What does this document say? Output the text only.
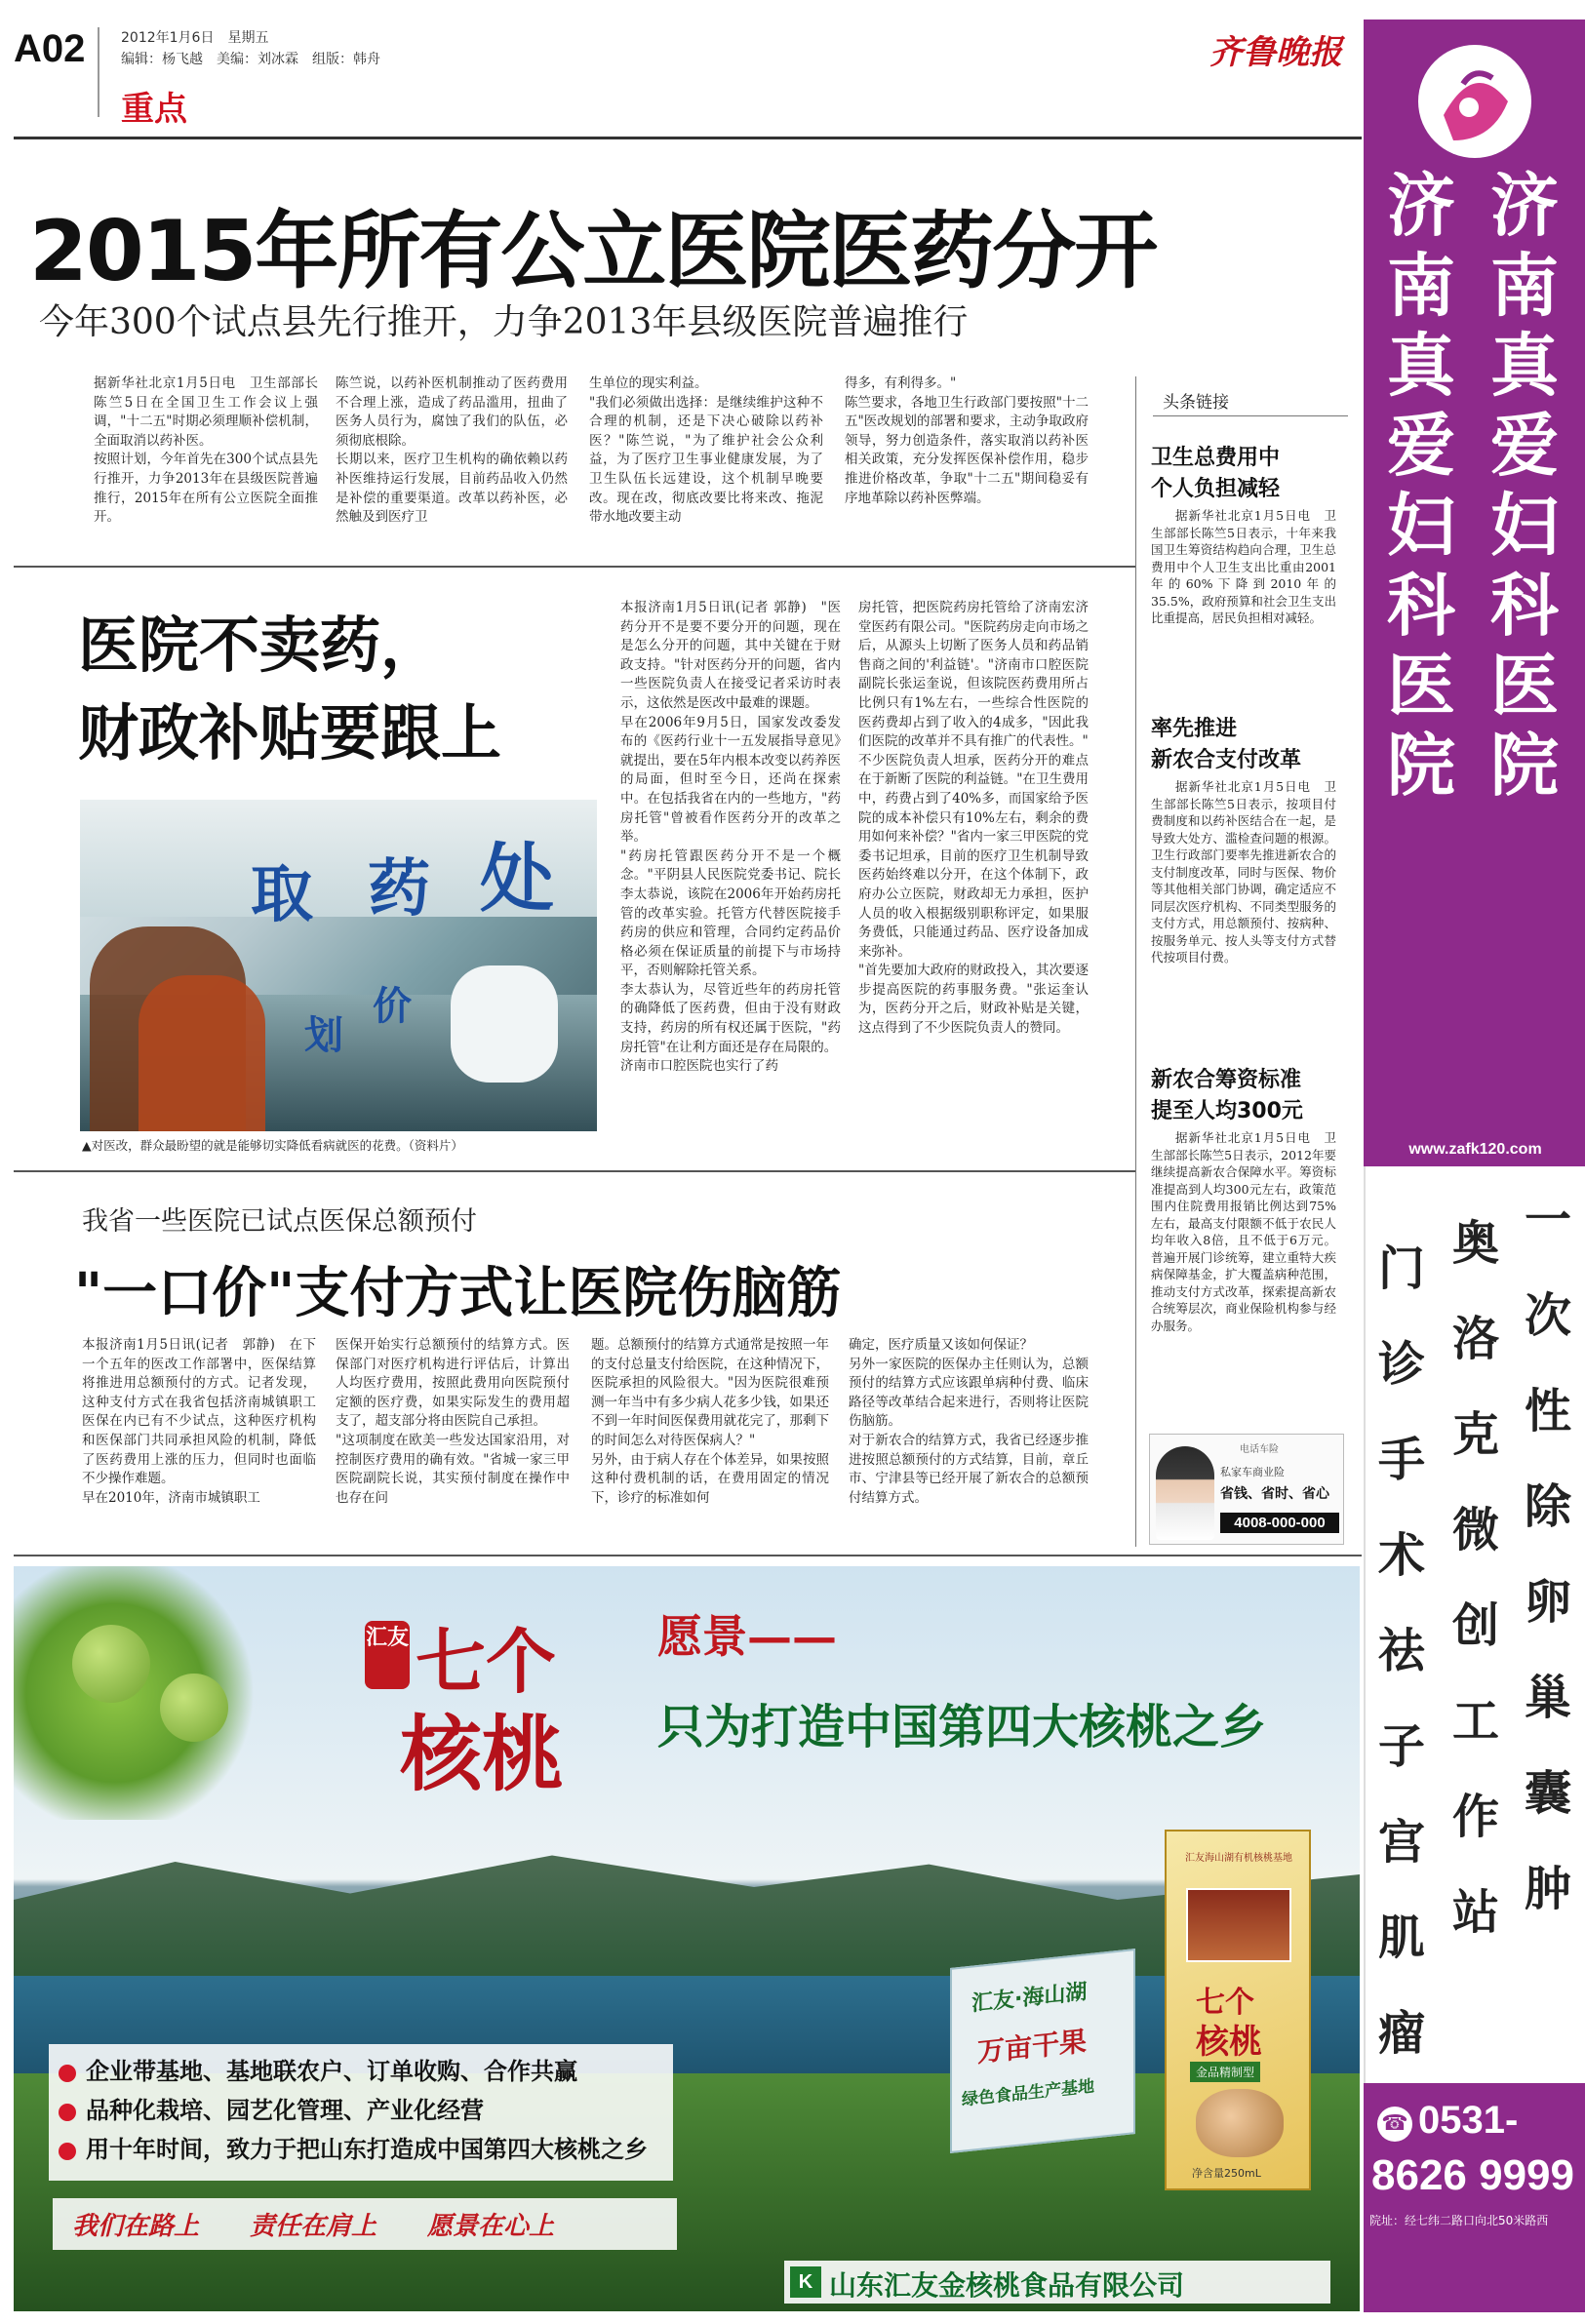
A02	2012年1月6日　星期五
编辑：杨飞越　美编：刘冰霖　组版：韩舟
重点
齐鲁晚报
2015年所有公立医院医药分开
今年300个试点县先行推开，力争2013年县级医院普遍推行
据新华社北京1月5日电　卫生部部长陈竺5日在全国卫生工作会议上强调，"十二五"时期必须理顺补偿机制，全面取消以药补医。
按照计划，今年首先在300个试点县先行推开，力争2013年在县级医院普遍推行，2015年在所有公立医院全面推开。
陈竺说，以药补医机制推动了医药费用不合理上涨，造成了药品滥用，扭曲了医务人员行为，腐蚀了我们的队伍，必须彻底根除。
长期以来，医疗卫生机构的确依赖以药补医维持运行发展，目前药品收入仍然是补偿的重要渠道。改革以药补医，必然触及到医疗卫
生单位的现实利益。
"我们必须做出选择：是继续维护这种不合理的机制，还是下决心破除以药补医？"陈竺说，"为了维护社会公众利益，为了医疗卫生事业健康发展，为了卫生队伍长远建设，这个机制早晚要改。现在改，彻底改要比将来改、拖泥带水地改要主动
得多，有利得多。"
陈竺要求，各地卫生行政部门要按照"十二五"医改规划的部署和要求，主动争取政府领导，努力创造条件，落实取消以药补医相关政策，充分发挥医保补偿作用，稳步推进价格改革，争取"十二五"期间稳妥有序地革除以药补医弊端。
医院不卖药，
财政补贴要跟上
取 药 处
划
价
▲对医改，群众最盼望的就是能够切实降低看病就医的花费。（资料片）
本报济南1月5日讯(记者 郭静)　"医药分开不是要不要分开的问题，现在是怎么分开的问题，其中关键在于财政支持。"针对医药分开的问题，省内一些医院负责人在接受记者采访时表示，这依然是医改中最难的课题。
早在2006年9月5日，国家发改委发布的《医药行业十一五发展指导意见》就提出，要在5年内根本改变以药养医的局面，但时至今日，还尚在探索中。在包括我省在内的一些地方，"药房托管"曾被看作医药分开的改革之举。
"药房托管跟医药分开不是一个概念。"平阴县人民医院党委书记、院长李太恭说，该院在2006年开始药房托管的改革实验。托管方代替医院接手药房的供应和管理，合同约定药品价格必须在保证质量的前提下与市场持平，否则解除托管关系。
李太恭认为，尽管近些年的药房托管的确降低了医药费，但由于没有财政支持，药房的所有权还属于医院，"药房托管"在让利方面还是存在局限的。
济南市口腔医院也实行了药
房托管，把医院药房托管给了济南宏济堂医药有限公司。"医院药房走向市场之后，从源头上切断了医务人员和药品销售商之间的'利益链'。"济南市口腔医院副院长张运奎说，但该院医药费用所占比例只有1%左右，一些综合性医院的医药费却占到了收入的4成多，"因此我们医院的改革并不具有推广的代表性。"
不少医院负责人坦承，医药分开的难点在于新断了医院的利益链。"在卫生费用中，药费占到了40%多，而国家给予医院的成本补偿只有10%左右，剩余的费用如何来补偿？"省内一家三甲医院的党委书记坦承，目前的医疗卫生机制导致医药始终难以分开，在这个体制下，政府办公立医院，财政却无力承担，医护人员的收入根据级别职称评定，如果服务费低，只能通过药品、医疗设备加成来弥补。
"首先要加大政府的财政投入，其次要逐步提高医院的药事服务费。"张运奎认为，医药分开之后，财政补贴是关键，这点得到了不少医院负责人的赞同。
我省一些医院已试点医保总额预付
"一口价"支付方式让医院伤脑筋
本报济南1月5日讯(记者　郭静)　在下一个五年的医改工作部署中，医保结算将推进用总额预付的方式。记者发现，这种支付方式在我省包括济南城镇职工医保在内已有不少试点，这种医疗机构和医保部门共同承担风险的机制，降低了医药费用上涨的压力，但同时也面临不少操作难题。
早在2010年，济南市城镇职工
医保开始实行总额预付的结算方式。医保部门对医疗机构进行评估后，计算出人均医疗费用，按照此费用向医院预付定额的医疗费，如果实际发生的费用超支了，超支部分将由医院自己承担。
"这项制度在欧美一些发达国家沿用，对控制医疗费用的确有效。"省城一家三甲医院副院长说，其实预付制度在操作中也存在问
题。总额预付的结算方式通常是按照一年的支付总量支付给医院，在这种情况下，医院承担的风险很大。"因为医院很难预测一年当中有多少病人花多少钱，如果还不到一年时间医保费用就花完了，那剩下的时间怎么对待医保病人？"
另外，由于病人存在个体差异，如果按照这种付费机制的话，在费用固定的情况下，诊疗的标准如何
确定，医疗质量又该如何保证？
另外一家医院的医保办主任则认为，总额预付的结算方式应该跟单病种付费、临床路径等改革结合起来进行，否则将让医院伤脑筋。
对于新农合的结算方式，我省已经逐步推进按照总额预付的方式结算，目前，章丘市、宁津县等已经开展了新农合的总额预付结算方式。
头条链接
卫生总费用中
个人负担减轻
据新华社北京1月5日电　卫生部部长陈竺5日表示，十年来我国卫生筹资结构趋向合理，卫生总费用中个人卫生支出比重由2001年的60%下降到2010年的35.5%，政府预算和社会卫生支出比重提高，居民负担相对减轻。
率先推进
新农合支付改革
据新华社北京1月5日电　卫生部部长陈竺5日表示，按项目付费制度和以药补医结合在一起，是导致大处方、滥检查问题的根源。卫生行政部门要率先推进新农合的支付制度改革，同时与医保、物价等其他相关部门协调，确定适应不同层次医疗机构、不同类型服务的支付方式，用总额预付、按病种、按服务单元、按人头等支付方式替代按项目付费。
新农合筹资标准
提至人均300元
据新华社北京1月5日电　卫生部部长陈竺5日表示，2012年要继续提高新农合保障水平。筹资标准提高到人均300元左右，政策范围内住院费用报销比例达到75%左右，最高支付限额不低于农民人均年收入8倍，且不低于6万元。普遍开展门诊统筹，建立重特大疾病保障基金，扩大覆盖病种范围，推动支付方式改革，探索提高新农合统筹层次，商业保险机构参与经办服务。
电话车险
私家车商业险
省钱、省时、省心
4008-000-000
济
南
真
爱
妇
科
医
院
济
南
真
爱
妇
科
医
院
www.zafk120.com
门
诊
手
术
祛
子
宫
肌
瘤
奥
洛
克
微
创
工
作
站
一
次
性
除
卵
巢
囊
肿
☎ 0531-
8626 9999
院址：经七纬二路口向北50米路西
汇友 七个
核桃
愿景——
只为打造中国第四大核桃之乡
汇友·海山湖
万亩干果
绿色食品生产基地
汇友海山湖有机核桃基地
七个
核桃
金品精制型
净含量250mL
企业带基地、基地联农户、订单收购、合作共赢
品种化栽培、园艺化管理、产业化经营
用十年时间，致力于把山东打造成中国第四大核桃之乡
我们在路上　　责任在肩上　　愿景在心上
K 山东汇友金核桃食品有限公司
